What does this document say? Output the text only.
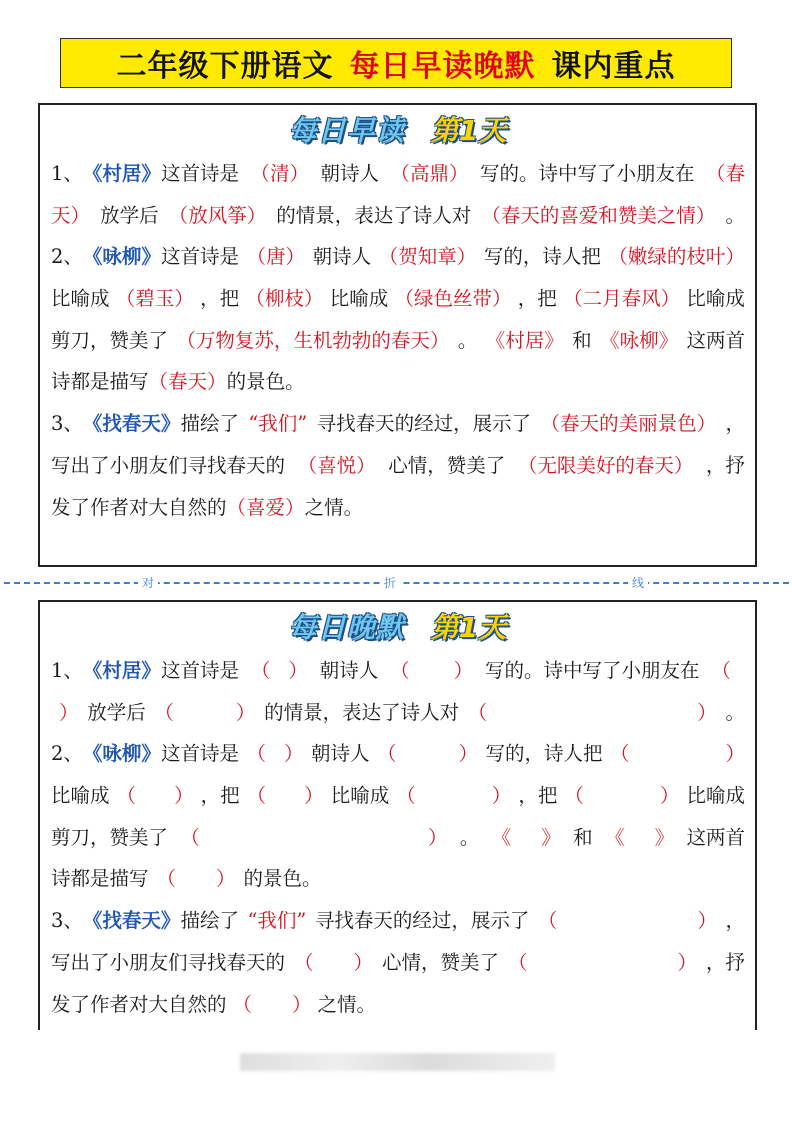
二年级下册语文 每日早读晚默 课内重点
每日早读 第1天
1、《村居》这首诗是 （清） 朝诗人 （高鼎） 写的。诗中写了小朋友在 （春
天） 放学后 （放风筝） 的情景，表达了诗人对 （春天的喜爱和赞美之情） 。
2、《咏柳》这首诗是 （唐） 朝诗人 （贺知章） 写的，诗人把 （嫩绿的枝叶）
比喻成 （碧玉） ，把 （柳枝） 比喻成 （绿色丝带） ，把 （二月春风） 比喻成
剪刀，赞美了 （万物复苏，生机勃勃的春天） 。 《村居》 和 《咏柳》 这两首
诗都是描写 （春天） 的景色。
3、《找春天》描绘了 “我们” 寻找春天的经过，展示了 （春天的美丽景色） ，
写出了小朋友们寻找春天的 （喜悦） 心情，赞美了 （无限美好的春天） ，抒
发了作者对大自然的 （喜爱） 之情。
对	折	线
每日晚默 第1天
1、《村居》这首诗是 （ ） 朝诗人 （ ） 写的。诗中写了小朋友在 （
） 放学后 （	） 的情景，表达了诗人对 （	） 。
2、《咏柳》这首诗是 （ ） 朝诗人 （	） 写的，诗人把 （	）
比喻成 （ ） ，把 （ ） 比喻成 （	） ，把 （	） 比喻成
剪刀，赞美了 （	） 。 《 》 和 《 》 这两首
诗都是描写 （ ） 的景色。
3、《找春天》描绘了 “我们” 寻找春天的经过，展示了 （	） ，
写出了小朋友们寻找春天的 （ ） 心情，赞美了 （	） ，抒
发了作者对大自然的 （ ） 之情。
